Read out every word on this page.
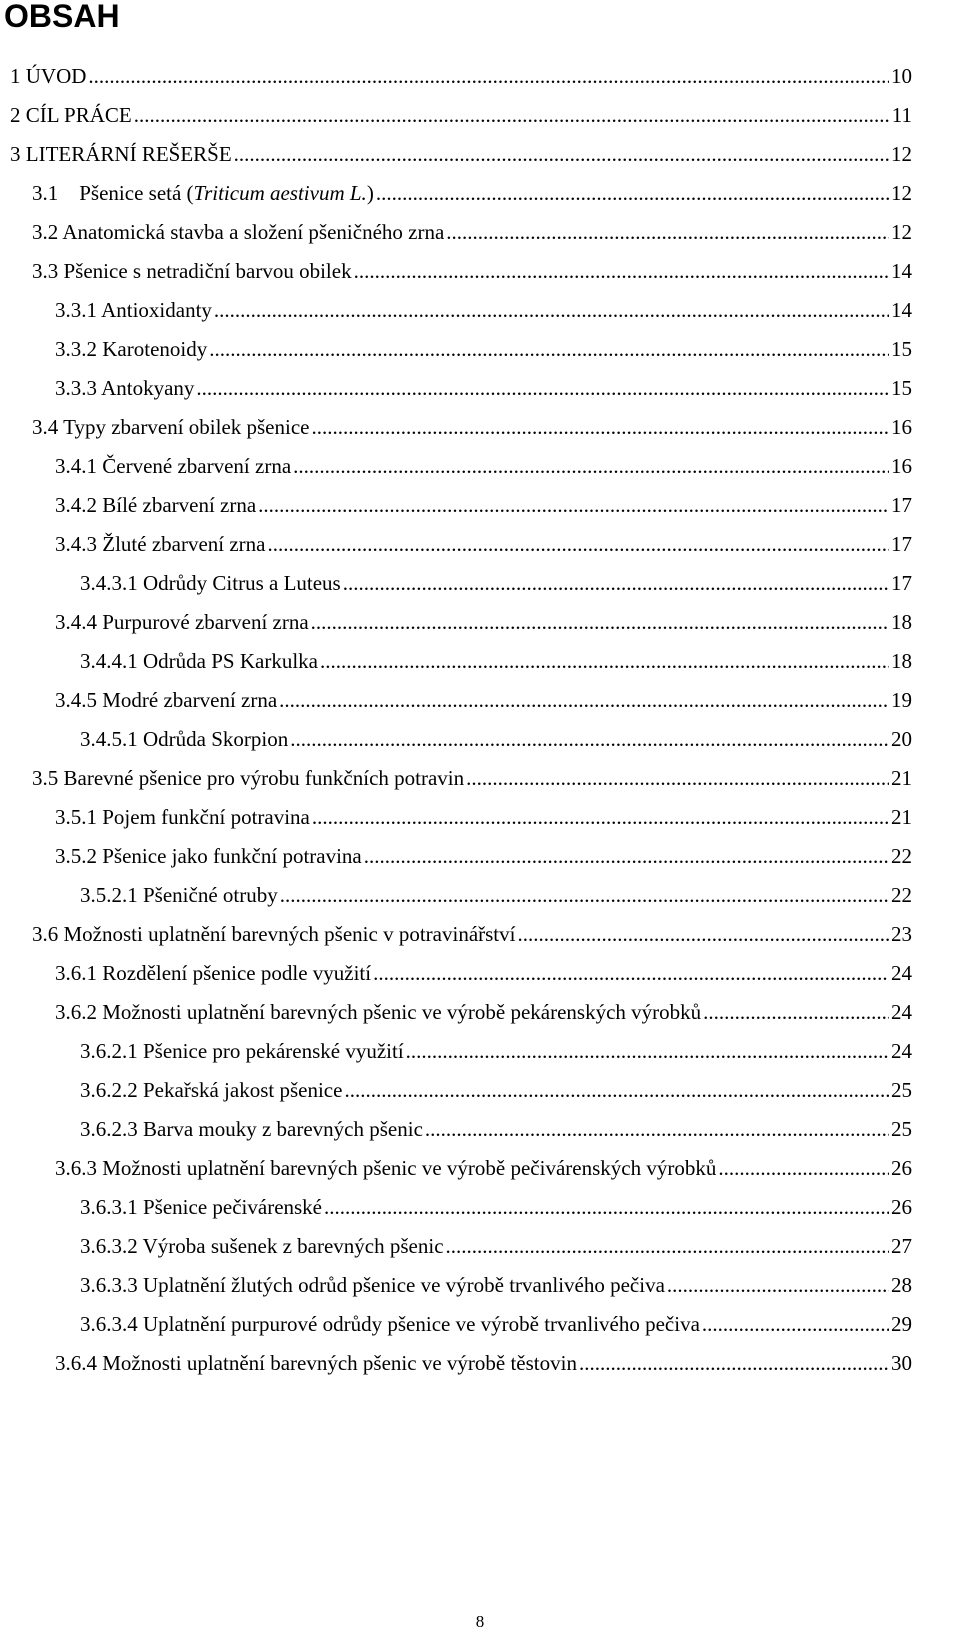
OBSAH
1 ÚVOD .....	10
2 CÍL PRÁCE .....	11
3 LITERÁRNÍ REŠERŠE .....	12
3.1    Pšenice setá (Triticum aestivum L.) .....	12
3.2 Anatomická stavba a složení pšeničného zrna .....	12
3.3 Pšenice s netradiční barvou obilek .....	14
3.3.1 Antioxidanty .....	14
3.3.2 Karotenoidy .....	15
3.3.3 Antokyany .....	15
3.4 Typy zbarvení obilek pšenice .....	16
3.4.1 Červené zbarvení zrna .....	16
3.4.2 Bílé zbarvení zrna .....	17
3.4.3 Žluté zbarvení zrna .....	17
3.4.3.1 Odrůdy Citrus a Luteus .....	17
3.4.4 Purpurové zbarvení zrna .....	18
3.4.4.1 Odrůda PS Karkulka .....	18
3.4.5 Modré zbarvení zrna .....	19
3.4.5.1 Odrůda Skorpion .....	20
3.5 Barevné pšenice pro výrobu funkčních potravin .....	21
3.5.1 Pojem funkční potravina .....	21
3.5.2 Pšenice jako funkční potravina .....	22
3.5.2.1 Pšeničné otruby .....	22
3.6 Možnosti uplatnění barevných pšenic v potravinářství .....	23
3.6.1 Rozdělení pšenice podle využití .....	24
3.6.2 Možnosti uplatnění barevných pšenic ve výrobě pekárenských výrobků .....	24
3.6.2.1 Pšenice pro pekárenské využití .....	24
3.6.2.2 Pekařská jakost pšenice .....	25
3.6.2.3 Barva mouky z barevných pšenic .....	25
3.6.3 Možnosti uplatnění barevných pšenic ve výrobě pečivárenských výrobků .....	26
3.6.3.1 Pšenice pečivárenské .....	26
3.6.3.2 Výroba sušenek z barevných pšenic .....	27
3.6.3.3 Uplatnění žlutých odrůd pšenice ve výrobě trvanlivého pečiva .....	28
3.6.3.4 Uplatnění purpurové odrůdy pšenice ve výrobě trvanlivého pečiva .....	29
3.6.4 Možnosti uplatnění barevných pšenic ve výrobě těstovin .....	30
8
